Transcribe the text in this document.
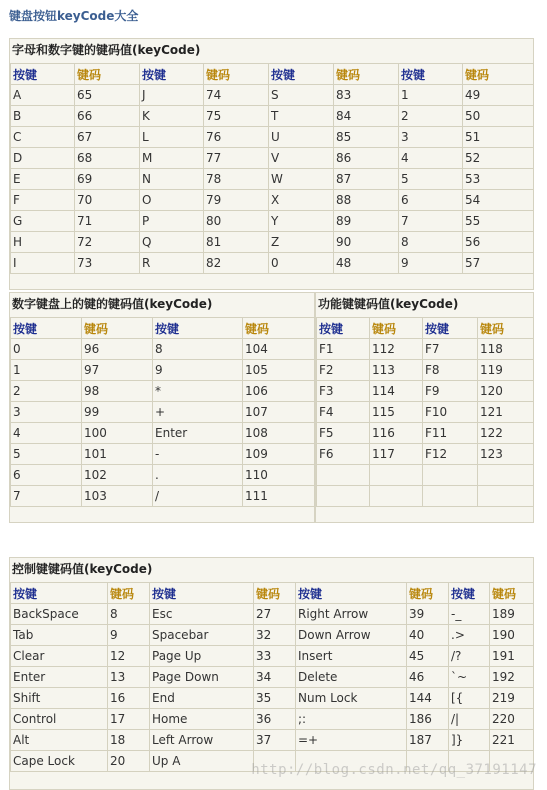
键盘按钮keyCode大全
字母和数字键的键码值(keyCode)
按键	键码	按键	键码	按键	键码	按键	键码
A	65	J	74	S	83	1	49
B	66	K	75	T	84	2	50
C	67	L	76	U	85	3	51
D	68	M	77	V	86	4	52
E	69	N	78	W	87	5	53
F	70	O	79	X	88	6	54
G	71	P	80	Y	89	7	55
H	72	Q	81	Z	90	8	56
I	73	R	82	0	48	9	57
数字键盘上的键的键码值(keyCode)
按键	键码	按键	键码
0	96	8	104
1	97	9	105
2	98	*	106
3	99	+	107
4	100	Enter	108
5	101	-	109
6	102	.	110
7	103	/	111
功能键键码值(keyCode)
按键	键码	按键	键码
F1	112	F7	118
F2	113	F8	119
F3	114	F9	120
F4	115	F10	121
F5	116	F11	122
F6	117	F12	123

控制键键码值(keyCode)
按键	键码	按键	键码	按键	键码	按键	键码
BackSpace	8	Esc	27	Right Arrow	39	-_	189
Tab	9	Spacebar	32	Down Arrow	40	.>	190
Clear	12	Page Up	33	Insert	45	/?	191
Enter	13	Page Down	34	Delete	46	`~	192
Shift	16	End	35	Num Lock	144	[{	219
Control	17	Home	36	;:	186	/|	220
Alt	18	Left Arrow	37	=+	187	]}	221
Cape Lock	20	Up A					
http://blog.csdn.net/qq_37191147
